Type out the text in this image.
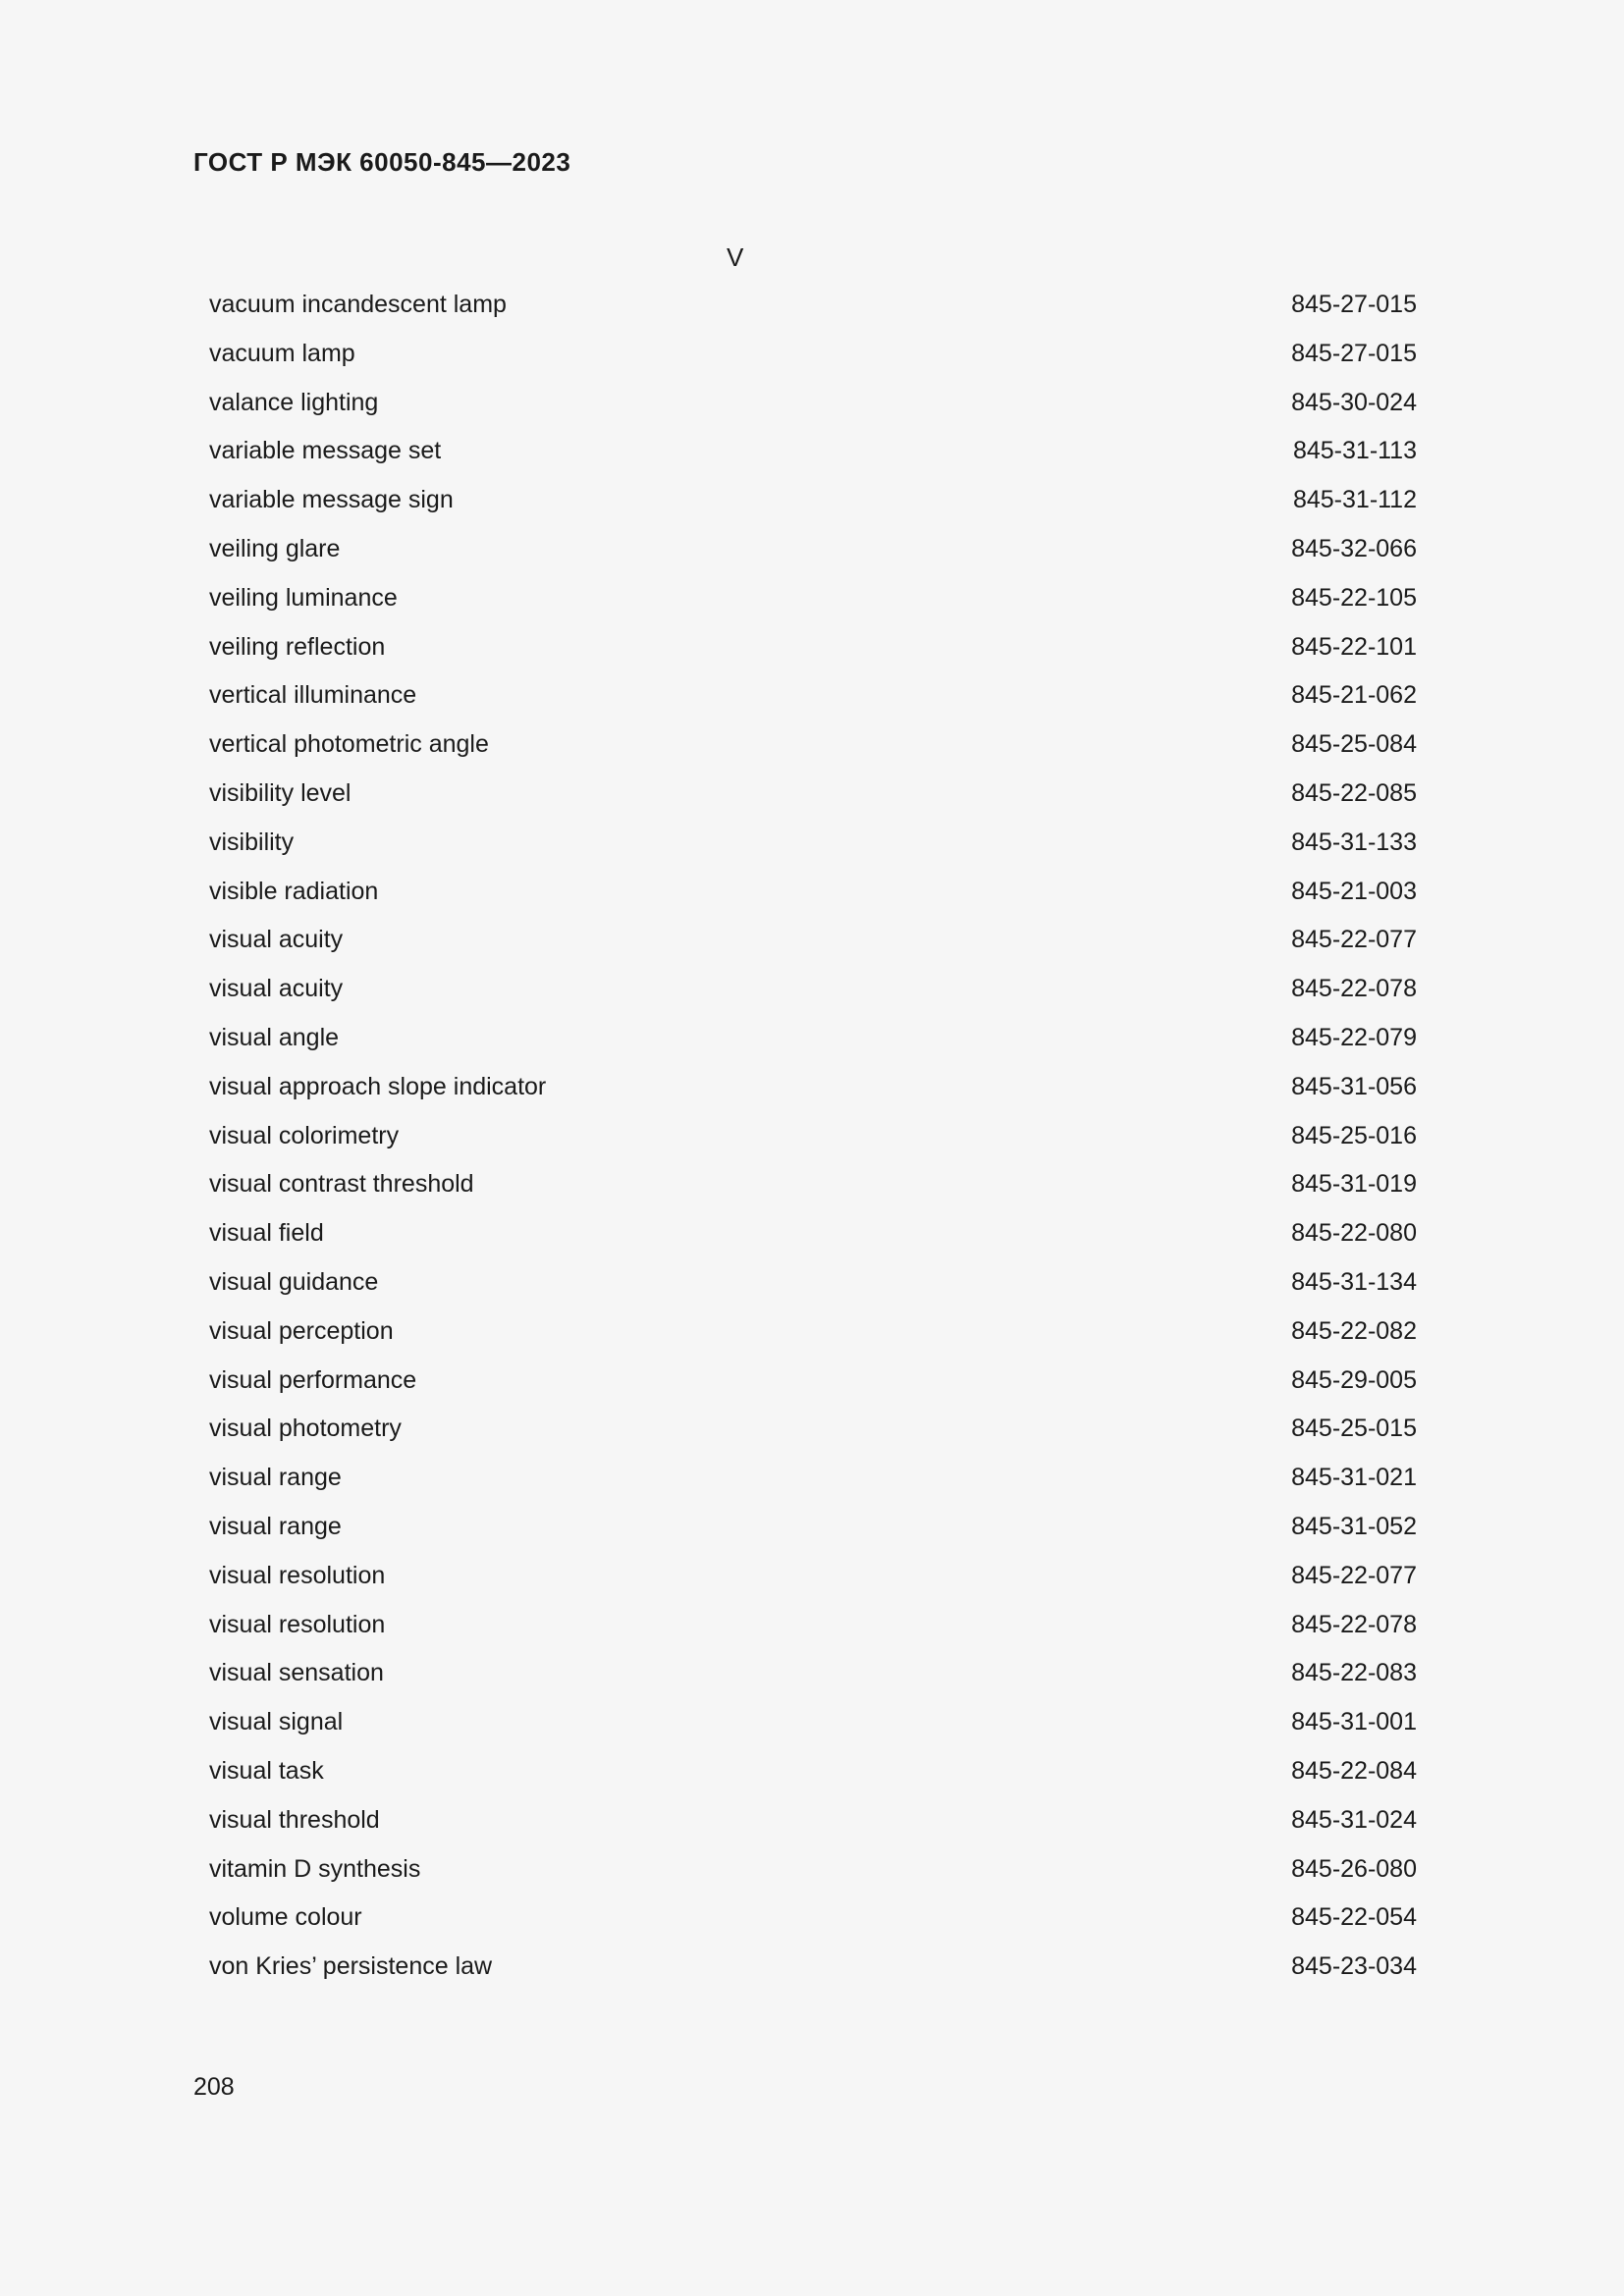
ГОСТ Р МЭК 60050-845—2023
V
vacuum incandescent lamp	845-27-015
vacuum lamp	845-27-015
valance lighting	845-30-024
variable message set	845-31-113
variable message sign	845-31-112
veiling glare	845-32-066
veiling luminance	845-22-105
veiling reflection	845-22-101
vertical illuminance	845-21-062
vertical photometric angle	845-25-084
visibility level	845-22-085
visibility	845-31-133
visible radiation	845-21-003
visual acuity	845-22-077
visual acuity	845-22-078
visual angle	845-22-079
visual approach slope indicator	845-31-056
visual colorimetry	845-25-016
visual contrast threshold	845-31-019
visual field	845-22-080
visual guidance	845-31-134
visual perception	845-22-082
visual performance	845-29-005
visual photometry	845-25-015
visual range	845-31-021
visual range	845-31-052
visual resolution	845-22-077
visual resolution	845-22-078
visual sensation	845-22-083
visual signal	845-31-001
visual task	845-22-084
visual threshold	845-31-024
vitamin D synthesis	845-26-080
volume colour	845-22-054
von Kries’ persistence law	845-23-034
208
